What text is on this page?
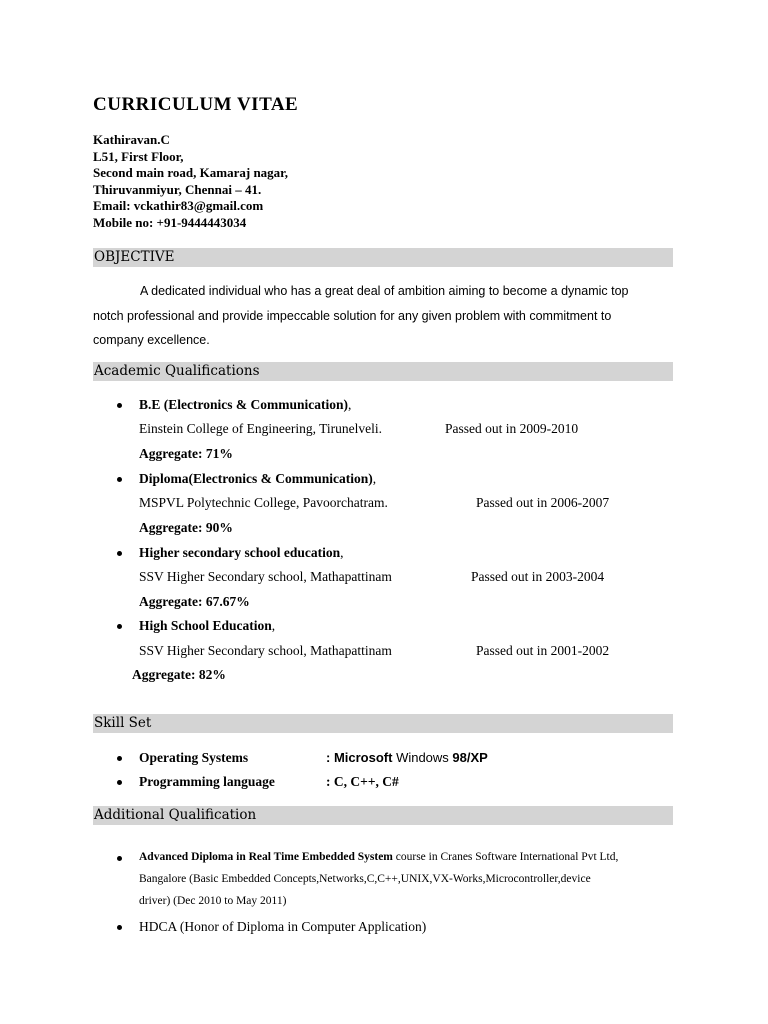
CURRICULUM VITAE
Kathiravan.C
L51, First Floor,
Second main road, Kamaraj nagar,
Thiruvanmiyur, Chennai – 41.
Email: vckathir83@gmail.com
Mobile no: +91-9444443034
OBJECTIVE
A dedicated individual who has a great deal of ambition aiming to become a dynamic top
notch professional and provide impeccable solution for any given problem with commitment to
company excellence.
Academic Qualifications
B.E (Electronics & Communication),
Einstein College of Engineering, Tirunelveli.	Passed out in 2009-2010
Aggregate: 71%
Diploma(Electronics & Communication),
MSPVL Polytechnic College, Pavoorchatram.	Passed out in 2006-2007
Aggregate: 90%
Higher secondary school education,
SSV Higher Secondary school, Mathapattinam	Passed out in 2003-2004
Aggregate: 67.67%
High School Education,
SSV Higher Secondary school, Mathapattinam	Passed out in 2001-2002
Aggregate: 82%
Skill Set
Operating Systems	: Microsoft Windows 98/XP
Programming language	: C, C++, C#
Additional Qualification
Advanced Diploma in Real Time Embedded System course in Cranes Software International Pvt Ltd,
Bangalore (Basic Embedded Concepts,Networks,C,C++,UNIX,VX-Works,Microcontroller,device
driver) (Dec 2010 to May 2011)
HDCA (Honor of Diploma in Computer Application)
